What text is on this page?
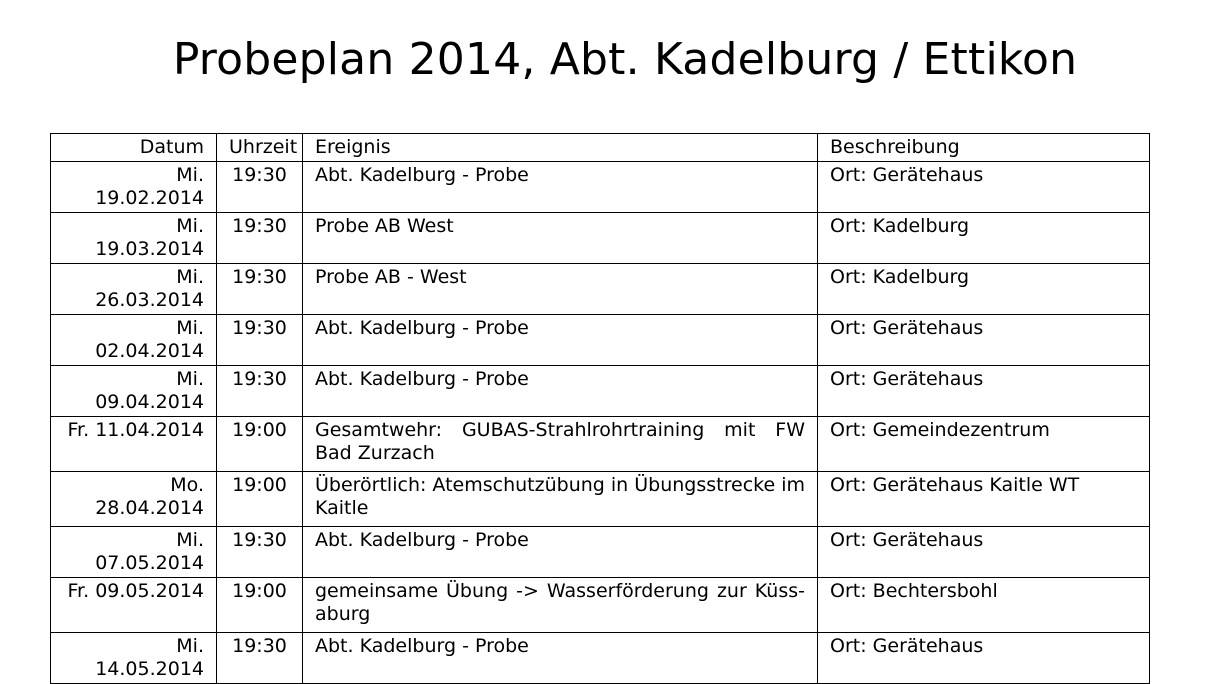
Probeplan 2014, Abt. Kadelburg / Ettikon
Datum	Uhrzeit	Ereignis	Beschreibung
Mi. 19.02.2014	19:30	Abt. Kadelburg - Probe	Ort: Gerätehaus
Mi. 19.03.2014	19:30	Probe AB West	Ort: Kadelburg
Mi. 26.03.2014	19:30	Probe AB - West	Ort: Kadelburg
Mi. 02.04.2014	19:30	Abt. Kadelburg - Probe	Ort: Gerätehaus
Mi. 09.04.2014	19:30	Abt. Kadelburg - Probe	Ort: Gerätehaus
Fr. 11.04.2014	19:00	Gesamtwehr: GUBAS-Strahlrohrtraining mit FW Bad Zurzach	Ort: Gemeindezentrum
Mo. 28.04.2014	19:00	Überörtlich: Atemschutzübung in Übungsstrecke im Kaitle	Ort: Gerätehaus Kaitle WT
Mi. 07.05.2014	19:30	Abt. Kadelburg - Probe	Ort: Gerätehaus
Fr. 09.05.2014	19:00	gemeinsame Übung -> Wasserförderung zur Küss-aburg	Ort: Bechtersbohl
Mi. 14.05.2014	19:30	Abt. Kadelburg - Probe	Ort: Gerätehaus
